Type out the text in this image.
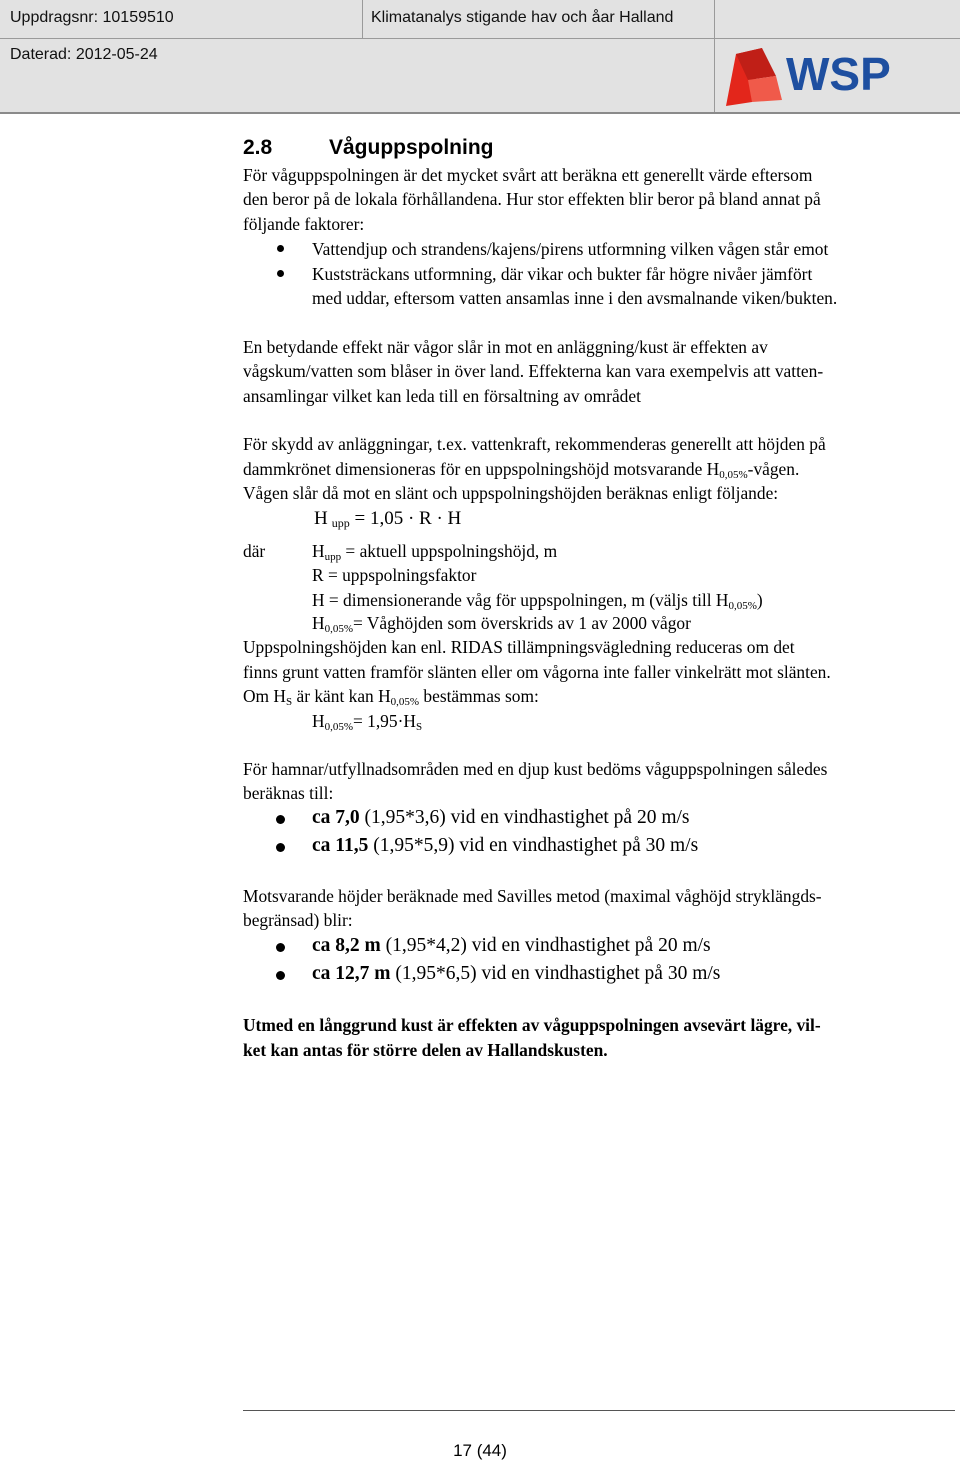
Uppdragsnr: 10159510	Klimatanalys stigande hav och åar Halland
Daterad: 2012-05-24	WSP
2.8	Våguppspolning
För våguppspolningen är det mycket svårt att beräkna ett generellt värde eftersom
den beror på de lokala förhållandena. Hur stor effekten blir beror på bland annat på
följande faktorer:
Vattendjup och strandens/kajens/pirens utformning vilken vågen står emot
Kuststräckans utformning, där vikar och bukter får högre nivåer jämfört
med uddar, eftersom vatten ansamlas inne i den avsmalnande viken/bukten.
En betydande effekt när vågor slår in mot en anläggning/kust är effekten av
vågskum/vatten som blåser in över land. Effekterna kan vara exempelvis att vatten-
ansamlingar vilket kan leda till en försaltning av området
För skydd av anläggningar, t.ex. vattenkraft, rekommenderas generellt att höjden på
dammkrönet dimensioneras för en uppspolningshöjd motsvarande $H_{0,05\%}$-vågen.
Vågen slår då mot en slänt och uppspolningshöjden beräknas enligt följande:
H $_{upp}$ = 1,05 · R · H
där	$H_{upp}$ = aktuell uppspolningshöjd, m
R = uppspolningsfaktor
H = dimensionerande våg för uppspolningen, m (väljs till $H_{0,05\%}$)
$H_{0,05\%}=$ Våghöjden som överskrids av 1 av 2000 vågor
Uppspolningshöjden kan enl. RIDAS tillämpningsvägledning reduceras om det
finns grunt vatten framför slänten eller om vågorna inte faller vinkelrätt mot slänten.
Om $H_S$ är känt kan $H_{0,05\%}$ bestämmas som:
$H_{0,05\%}= 1,95\cdot H_S$
För hamnar/utfyllnadsområden med en djup kust bedöms våguppspolningen således
beräknas till:
ca 7,0 (1,95*3,6) vid en vindhastighet på 20 m/s
ca 11,5 (1,95*5,9) vid en vindhastighet på 30 m/s
Motsvarande höjder beräknade med Savilles metod (maximal våghöjd stryklängds-
begränsad) blir:
ca 8,2 m (1,95*4,2) vid en vindhastighet på 20 m/s
ca 12,7 m (1,95*6,5) vid en vindhastighet på 30 m/s
Utmed en långgrund kust är effekten av våguppspolningen avsevärt lägre, vil-
ket kan antas för större delen av Hallandskusten.
17 (44)
